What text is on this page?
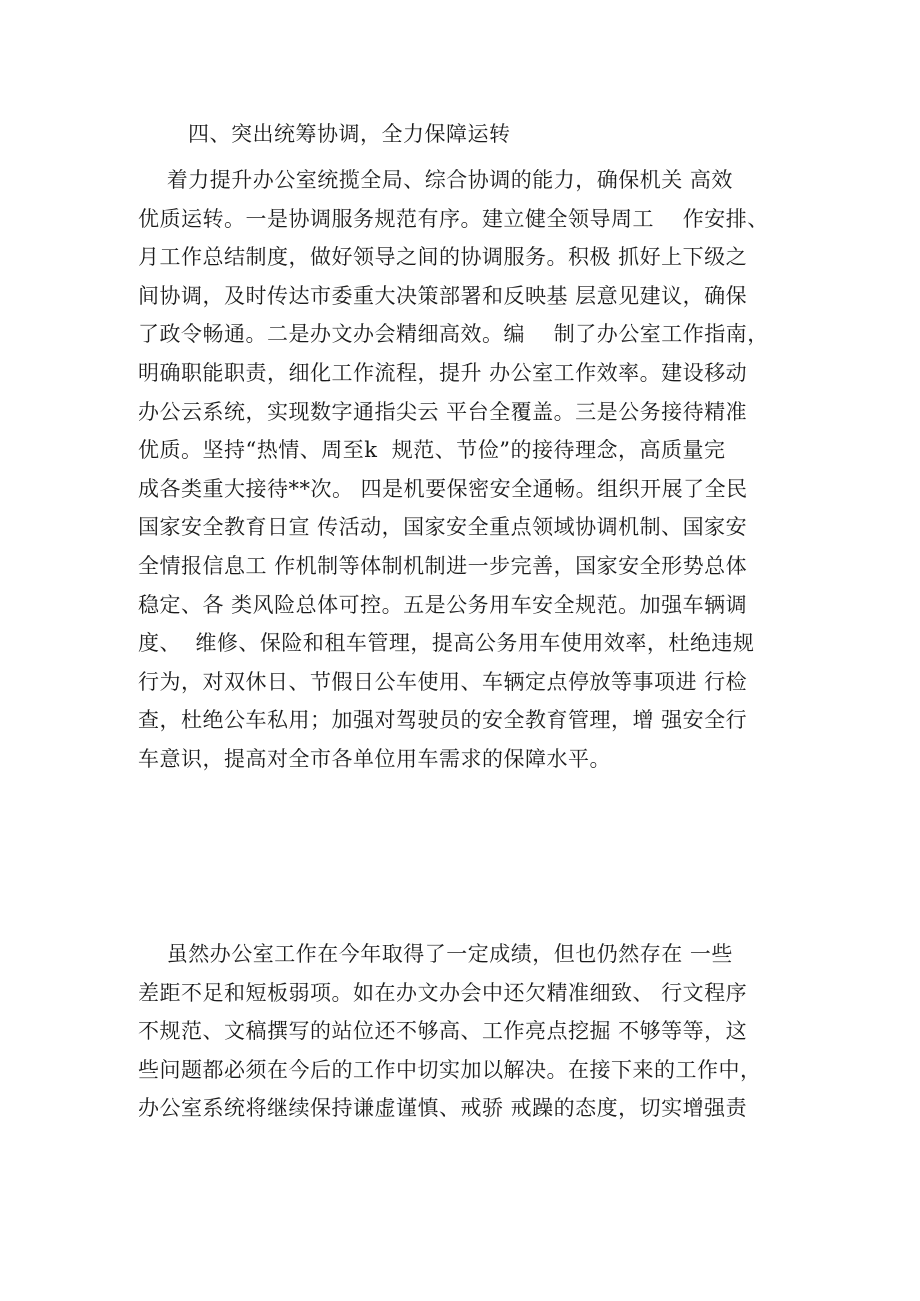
四、突出统筹协调，全力保障运转
着力提升办公室统揽全局、综合协调的能力，确保机关 高效
优质运转。一是协调服务规范有序。建立健全领导周工    作安排、
月工作总结制度，做好领导之间的协调服务。积极 抓好上下级之
间协调，及时传达市委重大决策部署和反映基 层意见建议，确保
了政令畅通。二是办文办会精细高效。编    制了办公室工作指南，
明确职能职责，细化工作流程，提升 办公室工作效率。建设移动
办公云系统，实现数字通指尖云 平台全覆盖。三是公务接待精准
优质。坚持“热情、周至k  规范、节俭”的接待理念，高质量完
成各类重大接待**次。 四是机要保密安全通畅。组织开展了全民
国家安全教育日宣 传活动，国家安全重点领域协调机制、国家安
全情报信息工 作机制等体制机制进一步完善，国家安全形势总体
稳定、各 类风险总体可控。五是公务用车安全规范。加强车辆调
度、  维修、保险和租车管理，提高公务用车使用效率，杜绝违规
行为，对双休日、节假日公车使用、车辆定点停放等事项进 行检
查，杜绝公车私用；加强对驾驶员的安全教育管理，增 强安全行
车意识，提高对全市各单位用车需求的保障水平。
虽然办公室工作在今年取得了一定成绩，但也仍然存在 一些
差距不足和短板弱项。如在办文办会中还欠精准细致、 行文程序
不规范、文稿撰写的站位还不够高、工作亮点挖掘 不够等等，这
些问题都必须在今后的工作中切实加以解决。在接下来的工作中，
办公室系统将继续保持谦虚谨慎、戒骄 戒躁的态度，切实增强责
